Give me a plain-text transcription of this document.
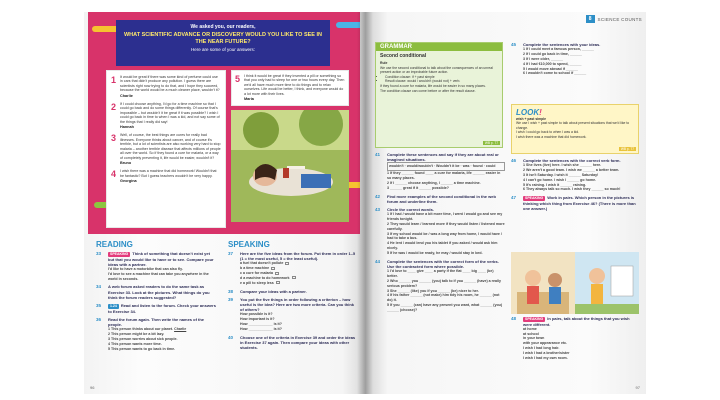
We asked you, our readers,
WHAT SCIENTIFIC ADVANCE OR DISCOVERY WOULD YOU LIKE TO SEE IN THE NEAR FUTURE?
Here are some of your answers:
1	It would be great if there was some kind of perfume could use in cars that didn't produce any pollution. I guess there are scientists right now trying to do that, and I hope they succeed, because the world would be a much cleaner place, wouldn't it?
Charlie
2	If I could choose anything, I'd go for a time machine so that I could go back and do some things differently. Of course that's impossible – but wouldn't it be great if it was possible? I wish I could go back in time to when I was a kid, and not say some of the things that I really did say!
Hannah
3	Well, of course, the best things are cures for really bad illnesses. Everyone thinks about cancer, and of course it's terrible, but a lot of scientists are also working very hard to stop malaria – another terrible disease that affects millions of people all over the world. So if they found a cure for malaria, or a way of completely preventing it, life would be easier, wouldn't it?
Bruno
4	I wish there was a machine that did homework! Wouldn't that be fantastic? But I guess teachers wouldn't be very happy.
Georgina
5	I think it would be great if they invented a pill or something so that you only had to sleep for one or two hours every day. Then we'd all have much more time to do things and to relax ourselves. Life would be better, I think, and everyone would do a lot more with their lives.
Maria
READING
33	SPEAKING Think of something that doesn't exist yet but that you would like to have or to see. Compare your ideas with a partner.
I'd like to have a motorbike that can also fly.
I'd love to see a machine that can take you anywhere in the world in seconds.
34	A web forum asked readers to do the same task as Exercise 33. Look at the pictures. What things do you think the forum readers suggested?
35	1.24 Read and listen to the forum. Check your answers to Exercise 34.
36	Read the forum again. Then write the names of the people.
1 This person thinks about our planet. Charlie
2 This person might be a bit lazy.
3 This person worries about sick people.
4 This person wants more time.
5 This person wants to go back in time.
SPEAKING
37	Here are the five ideas from the forum. Put them in order 1–5 (1 = the most useful, 5 = the least useful).
a fuel that doesn't pollute
b a time machine
c a cure for malaria
d a machine to do homework
e a pill to sleep less
38	Compare your ideas with a partner.
39	You put the five things in order following a criterion – how useful is the idea? Here are two more criteria. Can you think of others?
How possible is it?
How important is it?
How ____________ is it?
How ____________ is it?
40	Choose one of the criteria in Exercise 39 and order the ideas in Exercise 37 again. Then compare your ideas with other students.
96
8	SCIENCE COUNTS
GRAMMAR
Second conditional
Rule
We use the second conditional to talk about the consequences of an unreal present action or an improbable future action.
• Condition clause: if + past simple
• Result clause: would / wouldn't (would not) + verb.
If they found a cure for malaria, life would be easier in so many places.
The condition clause can come before or after the result clause.
WB p. 77
41	Complete these sentences and say if they are about real or imagined situations.
wouldn't · would/wouldn't · Wouldn't it be · was · found · could
1 If they ______ found ____ a cure for malaria, life ______ easier in so many places.
2 If I ______ choose anything, I ______ a time machine.
3 ______ great if it ______ possible?
42	Find more examples of the second conditional in the web forum and underline them.
43	Circle the correct words.
1 If I had / would have a bit more time, I went / would go and see my friends tonight.
2 They would learn / learned more if they would listen / listened more carefully.
3 If my school would be / was a long way from home, I would have / had to take a bus.
4 He lent / would lend you his tablet if you asked / would ask him nicely.
5 If he was / would be ready, he may / would stay in bed.
44	Complete the sentences with the correct form of the verbs. Use the contracted form where possible.
1 I'd love to ____ give ____ a party if the flat ____ big ____ (be) better.
2 Who ______ you ______ (you) talk to if you ______ (have) a really serious problem?
3 She ______ (like) you if you ______ (be) nicer to her.
4 If his father ______ (not make) him tidy his room, he ______ (not do) it.
5 If you ______ (can) have any present you want, what ______ (you) ______ (choose)?
45	Complete the sentences with your ideas.
1 If I could meet a famous person, ______
2 If I could go back in time, ______
3 If I were older, ______
4 If I had €10,000 to spend, ______
5 I would move abroad if ______
6 I wouldn't come to school if ______
LOOK!
wish + past simple
We use I wish + past simple to talk about present situations that we'd like to change.
I wish I could go back to when I was a kid.
I wish there was a machine that did homework.
WB p. 77
46	Complete the sentences with the correct verb form.
1 She lives (live) here. I wish she ______ here.
2 We aren't a good team. I wish we ______ a better team.
3 It isn't Saturday. I wish it ______ Saturday!
4 I can't go home. I wish I ______ go home.
5 It's raining. I wish it ______ raining.
6 They always talk so much. I wish they ______ so much!
47	SPEAKING Work in pairs. Which person in the pictures is thinking which thing from Exercise 46? (There is more than one answer.)
48	SPEAKING In pairs, talk about the things that you wish were different.
at home
at school
in your town
with your appearance etc.
I wish I had long hair.
I wish I had a brother/sister
I wish I had my own room.
97
